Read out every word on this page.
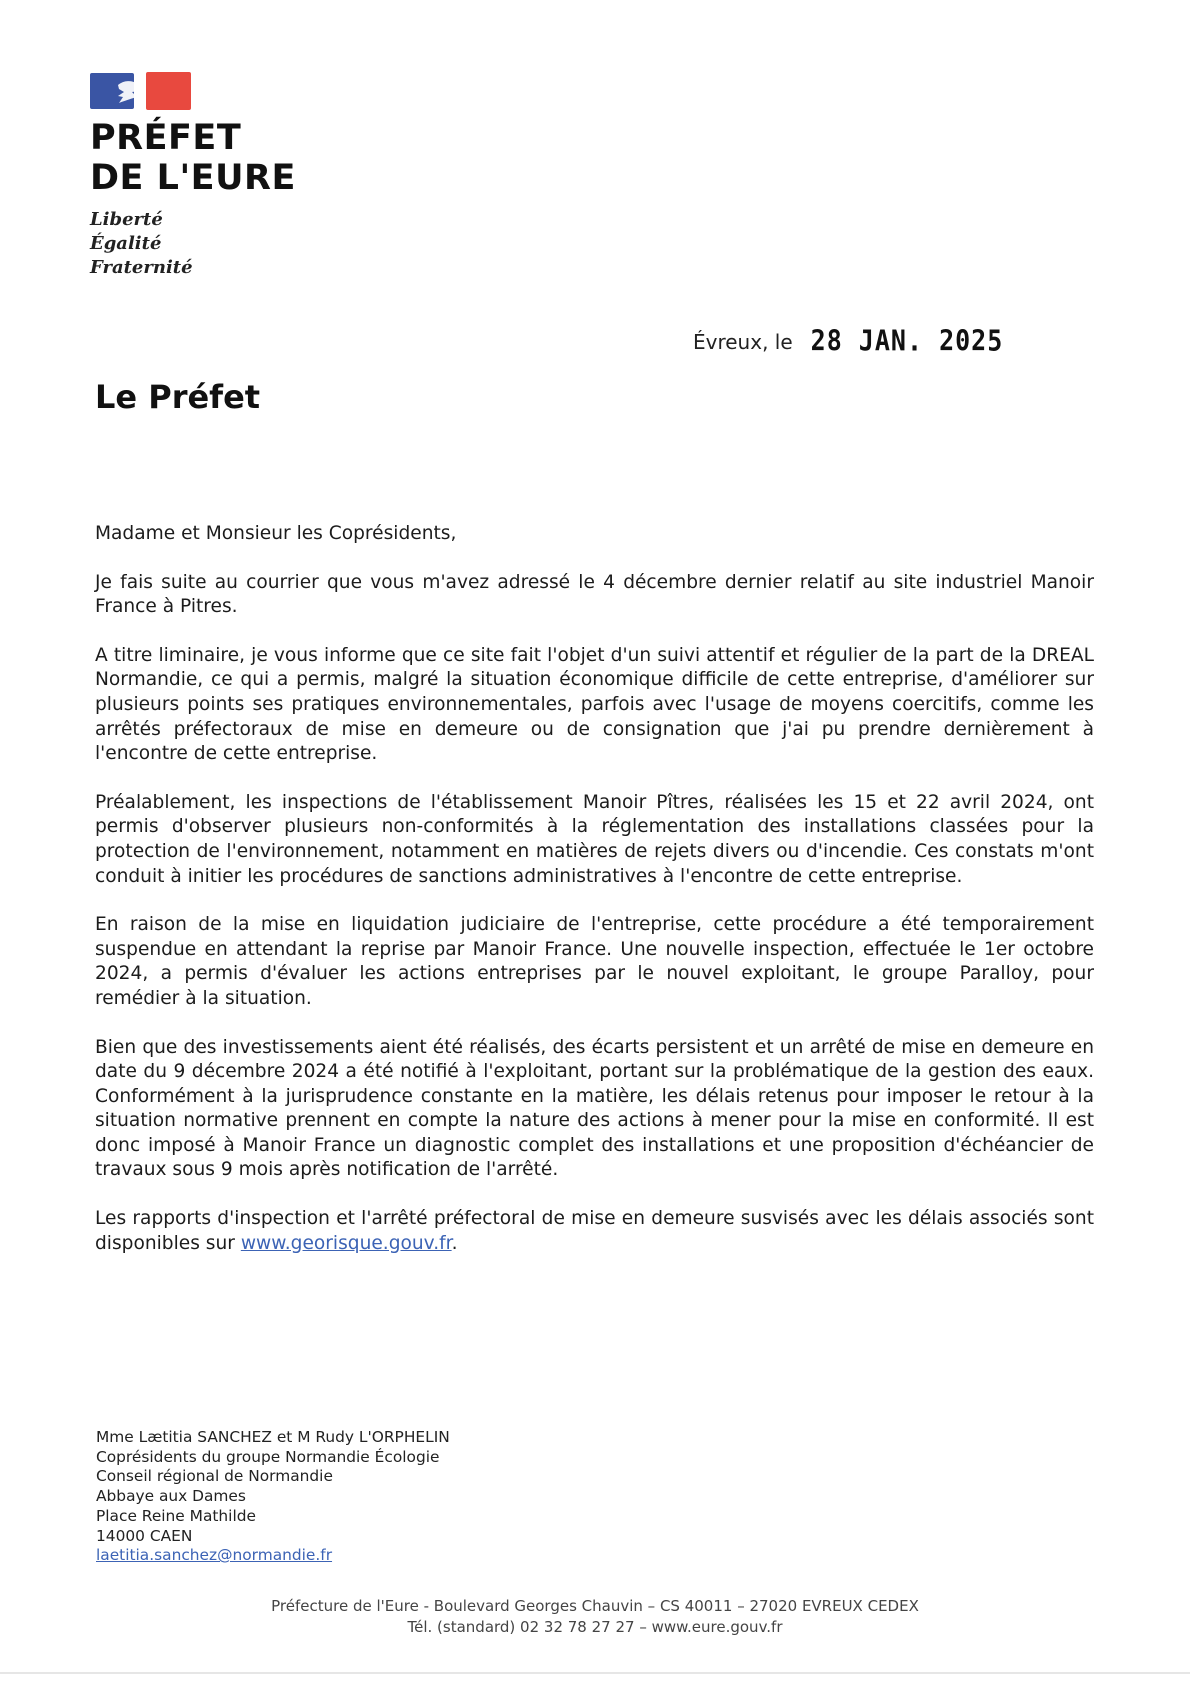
PRÉFET
DE L'EURE
Liberté
Égalité
Fraternité
Évreux, le 28 JAN. 2025
Le Préfet

Madame et Monsieur les Coprésidents,

Je fais suite au courrier que vous m'avez adressé le 4 décembre dernier relatif au site industriel Manoir France à Pitres.

A titre liminaire, je vous informe que ce site fait l'objet d'un suivi attentif et régulier de la part de la DREAL Normandie, ce qui a permis, malgré la situation économique difficile de cette entreprise, d'améliorer sur plusieurs points ses pratiques environnementales, parfois avec l'usage de moyens coercitifs, comme les arrêtés préfectoraux de mise en demeure ou de consignation que j'ai pu prendre dernièrement à l'encontre de cette entreprise.

Préalablement, les inspections de l'établissement Manoir Pîtres, réalisées les 15 et 22 avril 2024, ont permis d'observer plusieurs non-conformités à la réglementation des installations classées pour la protection de l'environnement, notamment en matières de rejets divers ou d'incendie. Ces constats m'ont conduit à initier les procédures de sanctions administratives à l'encontre de cette entreprise.

En raison de la mise en liquidation judiciaire de l'entreprise, cette procédure a été temporairement suspendue en attendant la reprise par Manoir France. Une nouvelle inspection, effectuée le 1er octobre 2024, a permis d'évaluer les actions entreprises par le nouvel exploitant, le groupe Paralloy, pour remédier à la situation.

Bien que des investissements aient été réalisés, des écarts persistent et un arrêté de mise en demeure en date du 9 décembre 2024 a été notifié à l'exploitant, portant sur la problématique de la gestion des eaux. Conformément à la jurisprudence constante en la matière, les délais retenus pour imposer le retour à la situation normative prennent en compte la nature des actions à mener pour la mise en conformité. Il est donc imposé à Manoir France un diagnostic complet des installations et une proposition d'échéancier de travaux sous 9 mois après notification de l'arrêté.

Les rapports d'inspection et l'arrêté préfectoral de mise en demeure susvisés avec les délais associés sont disponibles sur www.georisque.gouv.fr.

Mme Lætitia SANCHEZ et M Rudy L'ORPHELIN
Coprésidents du groupe Normandie Écologie
Conseil régional de Normandie
Abbaye aux Dames
Place Reine Mathilde
14000 CAEN
laetitia.sanchez@normandie.fr
Préfecture de l'Eure - Boulevard Georges Chauvin – CS 40011 – 27020 EVREUX CEDEX
Tél. (standard) 02 32 78 27 27 – www.eure.gouv.fr
